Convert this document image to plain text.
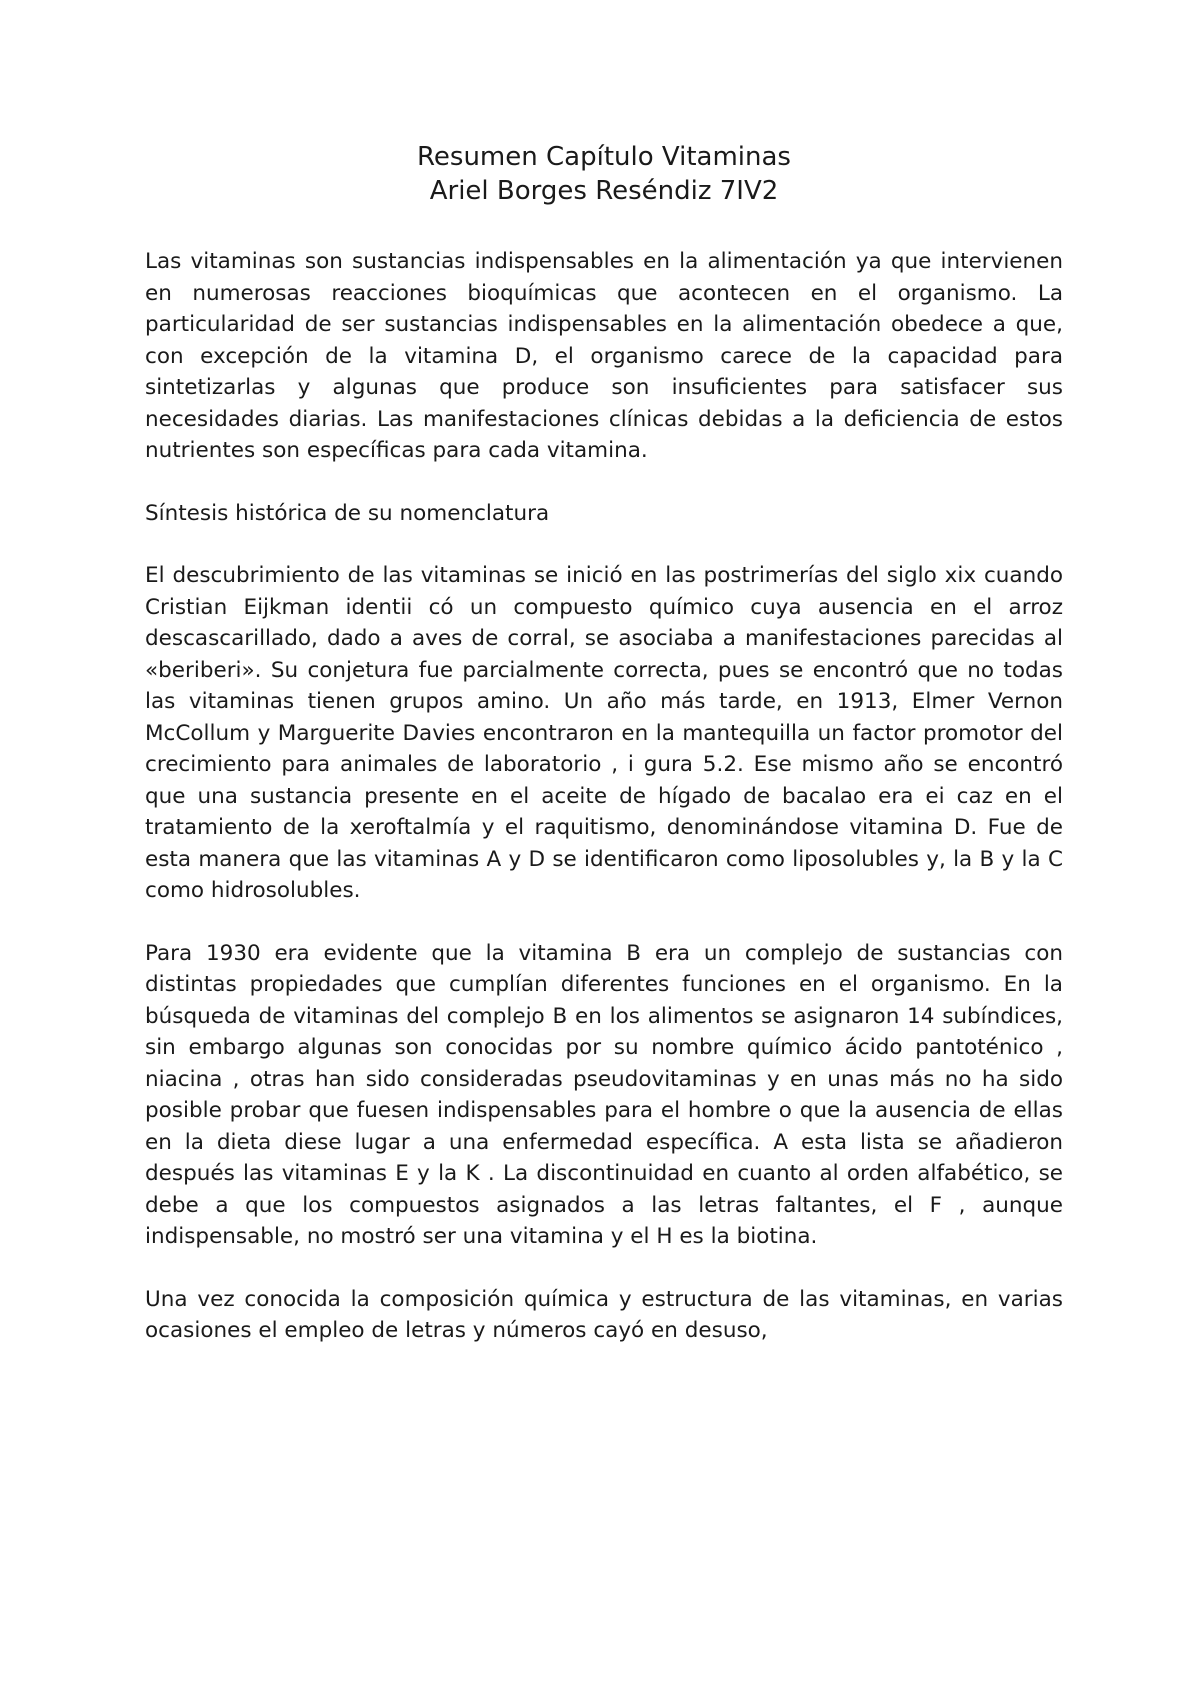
Resumen Capítulo Vitaminas
Ariel Borges Reséndiz 7IV2

Las vitaminas son sustancias indispensables en la alimentación ya que intervienen en numerosas reacciones bioquímicas que acontecen en el organismo. La particularidad de ser sustancias indispensables en la alimentación obedece a que, con excepción de la vitamina D, el organismo carece de la capacidad para sintetizarlas y algunas que produce son insuficientes para satisfacer sus necesidades diarias. Las manifestaciones clínicas debidas a la deficiencia de estos nutrientes son específicas para cada vitamina.

Síntesis histórica de su nomenclatura

El descubrimiento de las vitaminas se inició en las postrimerías del siglo xix cuando Cristian Eijkman identii có un compuesto químico cuya ausencia en el arroz descascarillado, dado a aves de corral, se asociaba a manifestaciones parecidas al «beriberi». Su conjetura fue parcialmente correcta, pues se encontró que no todas las vitaminas tienen grupos amino. Un año más tarde, en 1913, Elmer Vernon McCollum y Marguerite Davies encontraron en la mantequilla un factor promotor del crecimiento para animales de laboratorio , i gura 5.2. Ese mismo año se encontró que una sustancia presente en el aceite de hígado de bacalao era ei caz en el tratamiento de la xeroftalmía y el raquitismo, denominándose vitamina D. Fue de esta manera que las vitaminas A y D se identificaron como liposolubles y, la B y la C como hidrosolubles.

Para 1930 era evidente que la vitamina B era un complejo de sustancias con distintas propiedades que cumplían diferentes funciones en el organismo. En la búsqueda de vitaminas del complejo B en los alimentos se asignaron 14 subíndices, sin embargo algunas son conocidas por su nombre químico ácido pantoténico , niacina , otras han sido consideradas pseudovitaminas y en unas más no ha sido posible probar que fuesen indispensables para el hombre o que la ausencia de ellas en la dieta diese lugar a una enfermedad específica. A esta lista se añadieron después las vitaminas E y la K . La discontinuidad en cuanto al orden alfabético, se debe a que los compuestos asignados a las letras faltantes, el F , aunque indispensable, no mostró ser una vitamina y el H es la biotina.

Una vez conocida la composición química y estructura de las vitaminas, en varias ocasiones el empleo de letras y números cayó en desuso,
